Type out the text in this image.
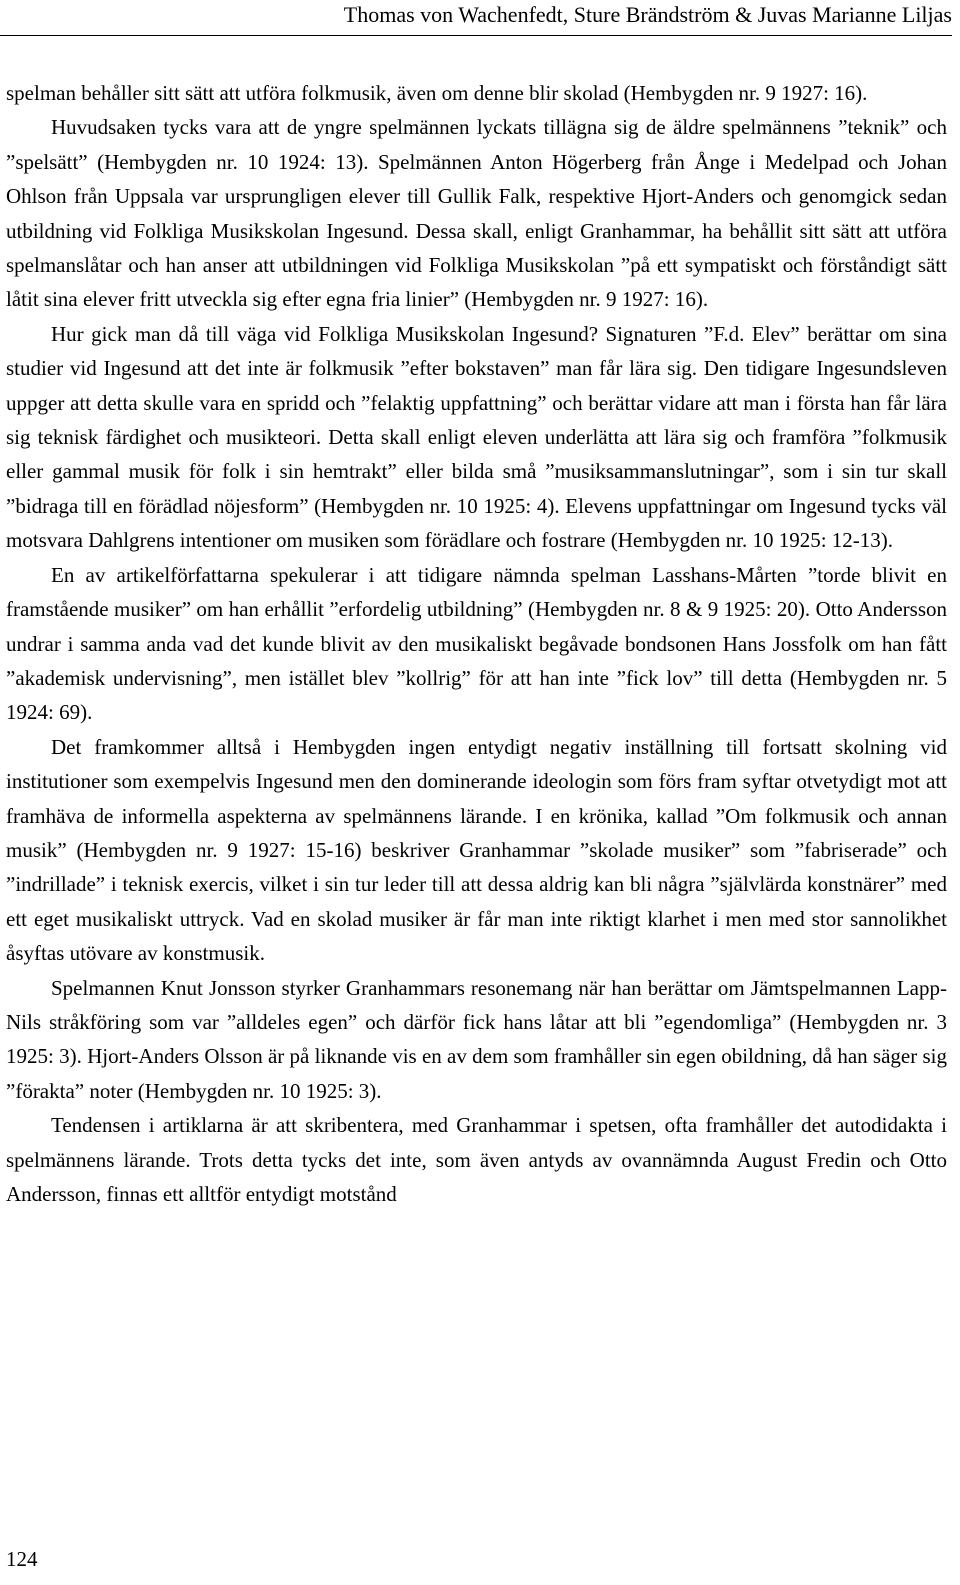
Thomas von Wachenfedt, Sture Brändström & Juvas Marianne Liljas

spelman behåller sitt sätt att utföra folkmusik, även om denne blir skolad (Hembygden nr. 9 1927: 16).

Huvudsaken tycks vara att de yngre spelmännen lyckats tillägna sig de äldre spelmännens ”teknik” och ”spelsätt” (Hembygden nr. 10 1924: 13). Spelmännen Anton Högerberg från Ånge i Medelpad och Johan Ohlson från Uppsala var ursprungligen elever till Gullik Falk, respektive Hjort-Anders och genomgick sedan utbildning vid Folkliga Musikskolan Ingesund. Dessa skall, enligt Granhammar, ha behållit sitt sätt att utföra spelmanslåtar och han anser att utbildningen vid Folkliga Musikskolan ”på ett sympatiskt och förståndigt sätt låtit sina elever fritt utveckla sig efter egna fria linier” (Hembygden nr. 9 1927: 16).

Hur gick man då till väga vid Folkliga Musikskolan Ingesund? Signaturen ”F.d. Elev” berättar om sina studier vid Ingesund att det inte är folkmusik ”efter bokstaven” man får lära sig. Den tidigare Ingesundsleven uppger att detta skulle vara en spridd och ”felaktig uppfattning” och berättar vidare att man i första han får lära sig teknisk färdighet och musikteori. Detta skall enligt eleven underlätta att lära sig och framföra ”folkmusik eller gammal musik för folk i sin hemtrakt” eller bilda små ”musiksammanslutningar”, som i sin tur skall ”bidraga till en förädlad nöjesform” (Hembygden nr. 10 1925: 4). Elevens uppfattningar om Ingesund tycks väl motsvara Dahlgrens intentioner om musiken som förädlare och fostrare (Hembygden nr. 10 1925: 12-13).

En av artikelförfattarna spekulerar i att tidigare nämnda spelman Lasshans-Mårten ”torde blivit en framstående musiker” om han erhållit ”erfordelig utbildning” (Hembygden nr. 8 & 9 1925: 20). Otto Andersson undrar i samma anda vad det kunde blivit av den musikaliskt begåvade bondsonen Hans Jossfolk om han fått ”akademisk undervisning”, men istället blev ”kollrig” för att han inte ”fick lov” till detta (Hembygden nr. 5 1924: 69).

Det framkommer alltså i Hembygden ingen entydigt negativ inställning till fortsatt skolning vid institutioner som exempelvis Ingesund men den dominerande ideologin som förs fram syftar otvetydigt mot att framhäva de informella aspekterna av spelmännens lärande. I en krönika, kallad ”Om folkmusik och annan musik” (Hembygden nr. 9 1927: 15-16) beskriver Granhammar ”skolade musiker” som ”fabriserade” och ”indrillade” i teknisk exercis, vilket i sin tur leder till att dessa aldrig kan bli några ”självlärda konstnärer” med ett eget musikaliskt uttryck. Vad en skolad musiker är får man inte riktigt klarhet i men med stor sannolikhet åsyftas utövare av konstmusik.

Spelmannen Knut Jonsson styrker Granhammars resonemang när han berättar om Jämtspelmannen Lapp-Nils stråkföring som var ”alldeles egen” och därför fick hans låtar att bli ”egendomliga” (Hembygden nr. 3 1925: 3). Hjort-Anders Olsson är på liknande vis en av dem som framhåller sin egen obildning, då han säger sig ”förakta” noter (Hembygden nr. 10 1925: 3).

Tendensen i artiklarna är att skribentera, med Granhammar i spetsen, ofta framhåller det autodidakta i spelmännens lärande. Trots detta tycks det inte, som även antyds av ovannämnda August Fredin och Otto Andersson, finnas ett alltför entydigt motstånd

124
